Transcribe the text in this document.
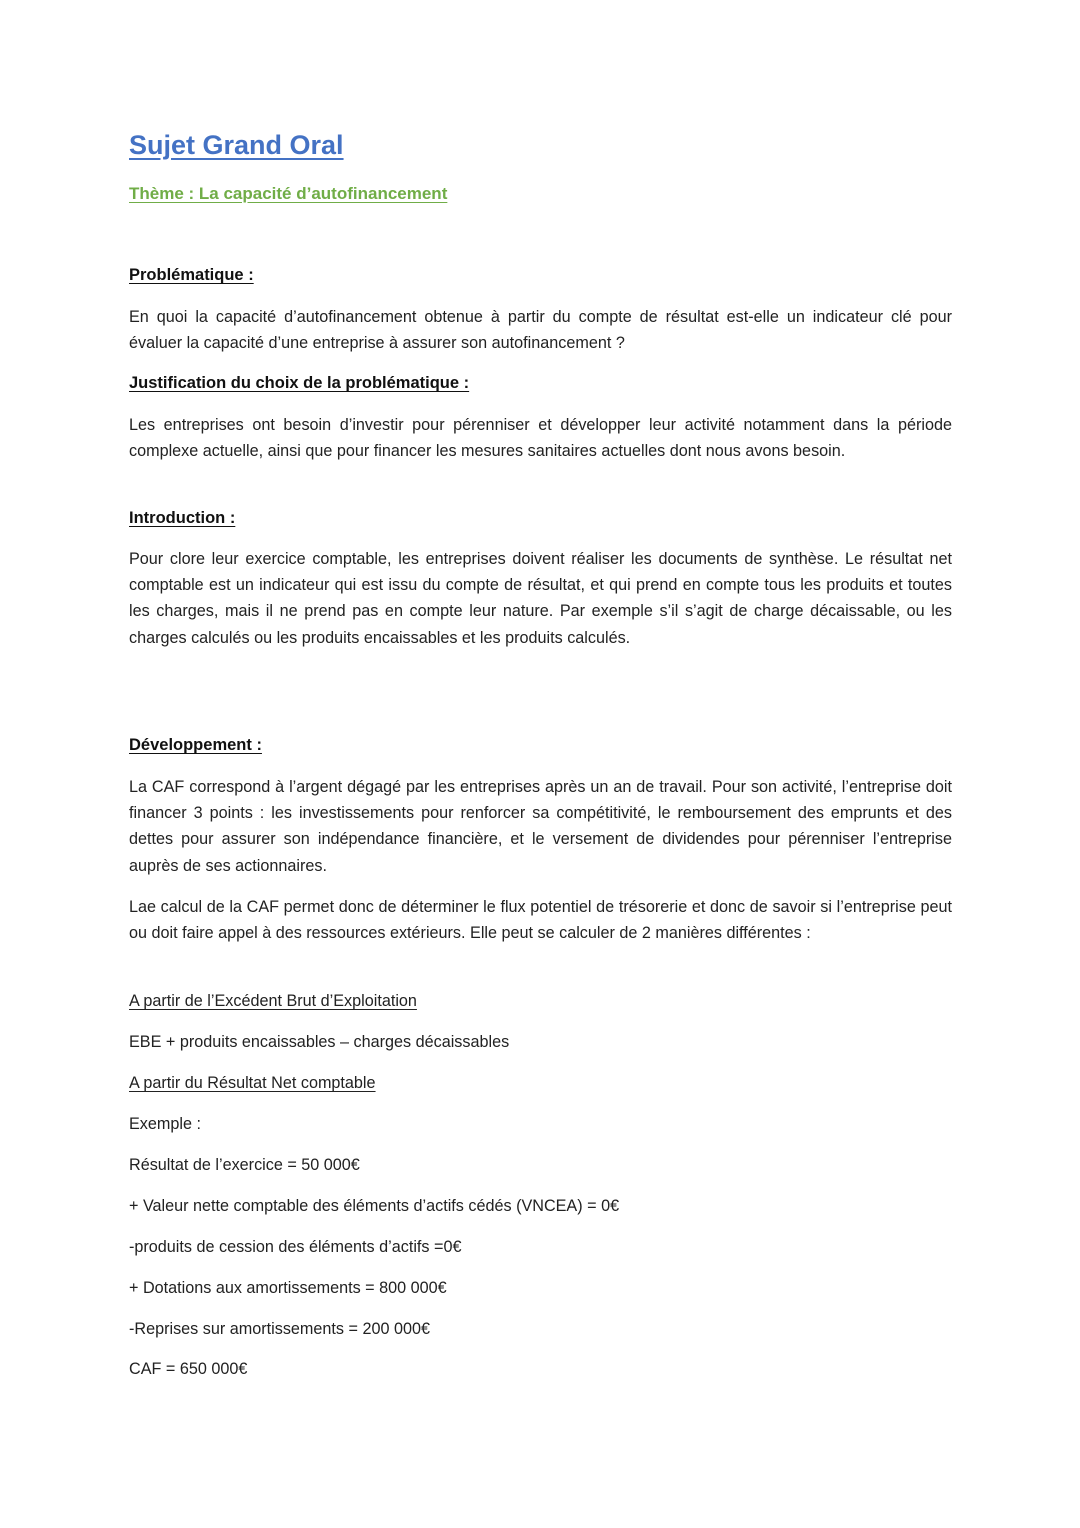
Sujet Grand Oral
Thème : La capacité d’autofinancement
Problématique :

En quoi la capacité d’autofinancement obtenue à partir du compte de résultat est-elle un indicateur clé pour évaluer la capacité d’une entreprise à assurer son autofinancement ?

Justification du choix de la problématique :

Les entreprises ont besoin d’investir pour pérenniser et développer leur activité notamment dans la période complexe actuelle, ainsi que pour financer les mesures sanitaires actuelles dont nous avons besoin.

Introduction :

Pour clore leur exercice comptable, les entreprises doivent réaliser les documents de synthèse. Le résultat net comptable est un indicateur qui est issu du compte de résultat, et qui prend en compte tous les produits et toutes les charges, mais il ne prend pas en compte leur nature. Par exemple s’il s’agit de charge décaissable, ou les charges calculés ou les produits encaissables et les produits calculés.

Développement :

La CAF correspond à l’argent dégagé par les entreprises après un an de travail. Pour son activité, l’entreprise doit financer 3 points : les investissements pour renforcer sa compétitivité, le remboursement des emprunts et des dettes pour assurer son indépendance financière, et le versement de dividendes pour pérenniser l’entreprise auprès de ses actionnaires.

Lae calcul de la CAF permet donc de déterminer le flux potentiel de trésorerie et donc de savoir si l’entreprise peut ou doit faire appel à des ressources extérieurs. Elle peut se calculer de 2 manières différentes :

A partir de l’Excédent Brut d’Exploitation
EBE + produits encaissables – charges décaissables
A partir du Résultat Net comptable
Exemple :
Résultat de l’exercice = 50 000€
+ Valeur nette comptable des éléments d’actifs cédés (VNCEA) = 0€
-produits de cession des éléments d’actifs =0€
+ Dotations aux amortissements = 800 000€
-Reprises sur amortissements = 200 000€
CAF = 650 000€
